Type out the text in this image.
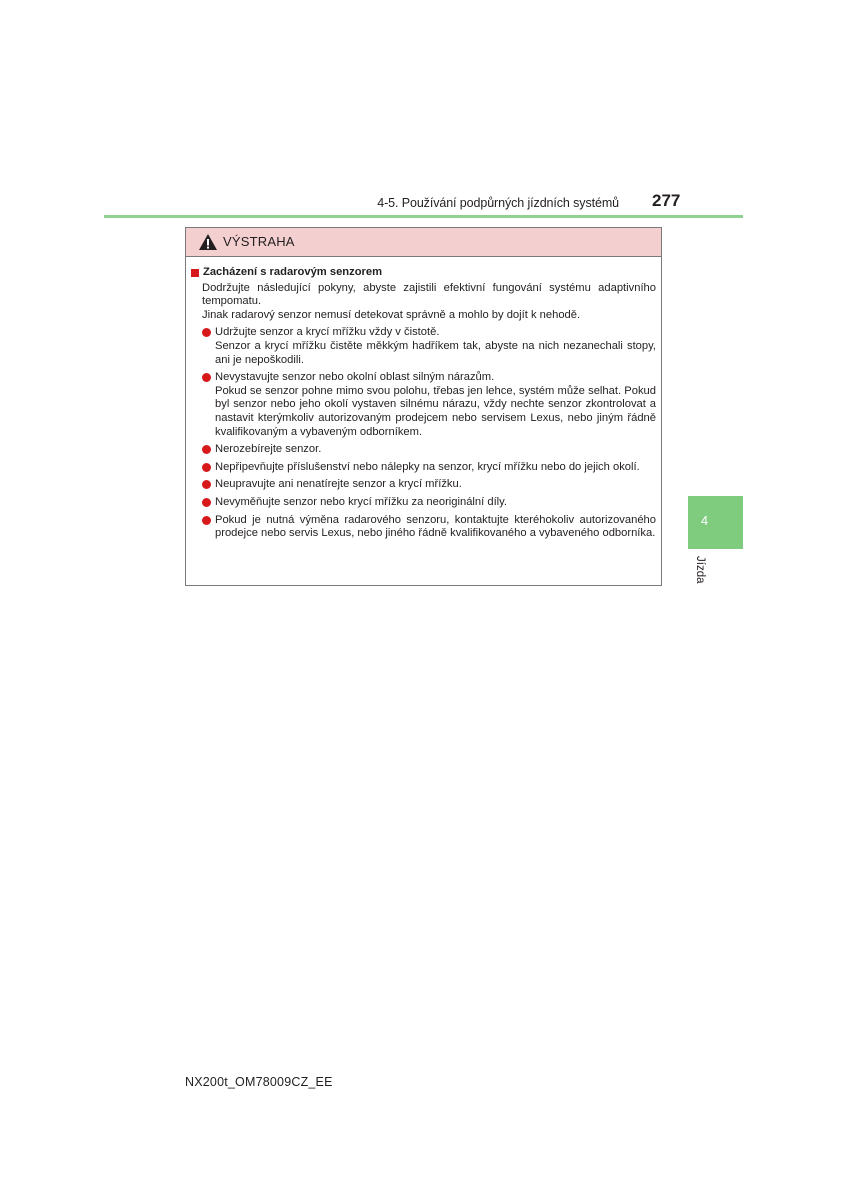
4-5. Používání podpůrných jízdních systémů 277
4
Jízda
VÝSTRAHA
Zacházení s radarovým senzorem

Dodržujte následující pokyny, abyste zajistili efektivní fungování systému adaptivního tempomatu.

Jinak radarový senzor nemusí detekovat správně a mohlo by dojít k nehodě.

Udržujte senzor a krycí mřížku vždy v čistotě.

Senzor a krycí mřížku čistěte měkkým hadříkem tak, abyste na nich nezanechali stopy, ani je nepoškodili.

Nevystavujte senzor nebo okolní oblast silným nárazům.

Pokud se senzor pohne mimo svou polohu, třebas jen lehce, systém může selhat. Pokud byl senzor nebo jeho okolí vystaven silnému nárazu, vždy nechte senzor zkontrolovat a nastavit kterýmkoliv autorizovaným prodejcem nebo servisem Lexus, nebo jiným řádně kvalifikovaným a vybaveným odborníkem.

Nerozebírejte senzor.

Nepřipevňujte příslušenství nebo nálepky na senzor, krycí mřížku nebo do jejich okolí.

Neupravujte ani nenatírejte senzor a krycí mřížku.

Nevyměňujte senzor nebo krycí mřížku za neoriginální díly.

Pokud je nutná výměna radarového senzoru, kontaktujte kteréhokoliv autorizovaného prodejce nebo servis Lexus, nebo jiného řádně kvalifikovaného a vybaveného odborníka.

NX200t_OM78009CZ_EE
